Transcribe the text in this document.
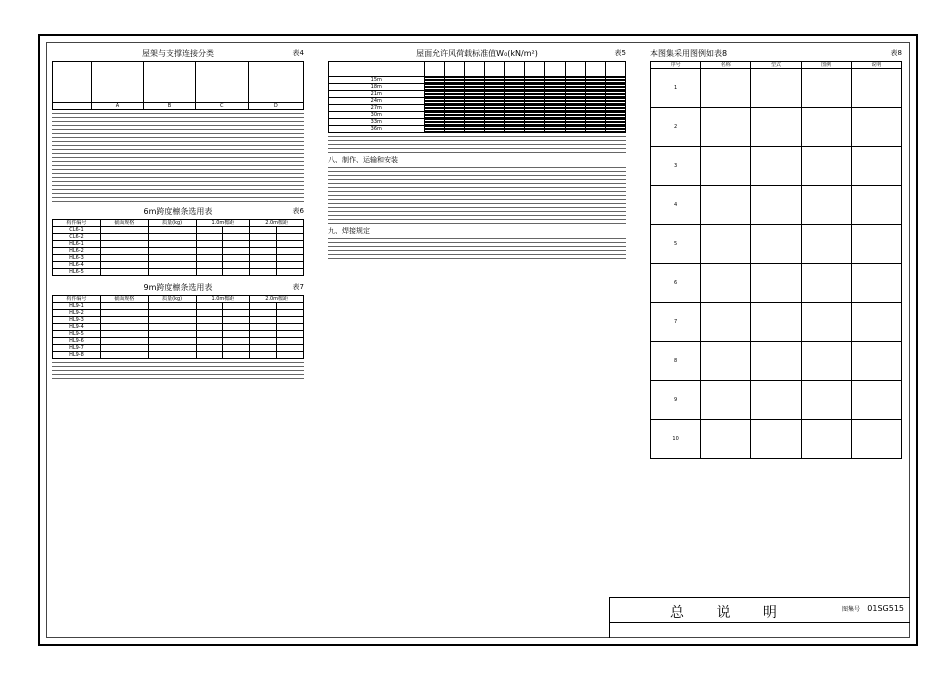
屋架与支撑连接分类	表4

	A	B	C	D
6m跨度檩条选用表	表6
构件编号	截面规格	质量(kg)	1.0m檩距		2.0m檩距	
CL6-1						
CL6-2						
HL6-1						
HL6-2						
HL6-3						
HL6-4						
HL6-5						
9m跨度檩条选用表	表7
构件编号	截面规格	质量(kg)	1.0m檩距		2.0m檩距	
HL9-1						
HL9-2						
HL9-3						
HL9-4						
HL9-5						
HL9-6						
HL9-7						
HL9-8						
屋面允许风荷载标准值W₀(kN/m²)	表5

15m										

18m										

21m										

24m										

27m										

30m										

33m										

36m										

八、制作、运输和安装
九、焊接规定
本图集采用图例如表8	表8
序号	名称	型式	图例	说明
1				
2				
3				
4				
5				
6				
7				
8				
9				
10				
总 说 明	图集号 01SG515
